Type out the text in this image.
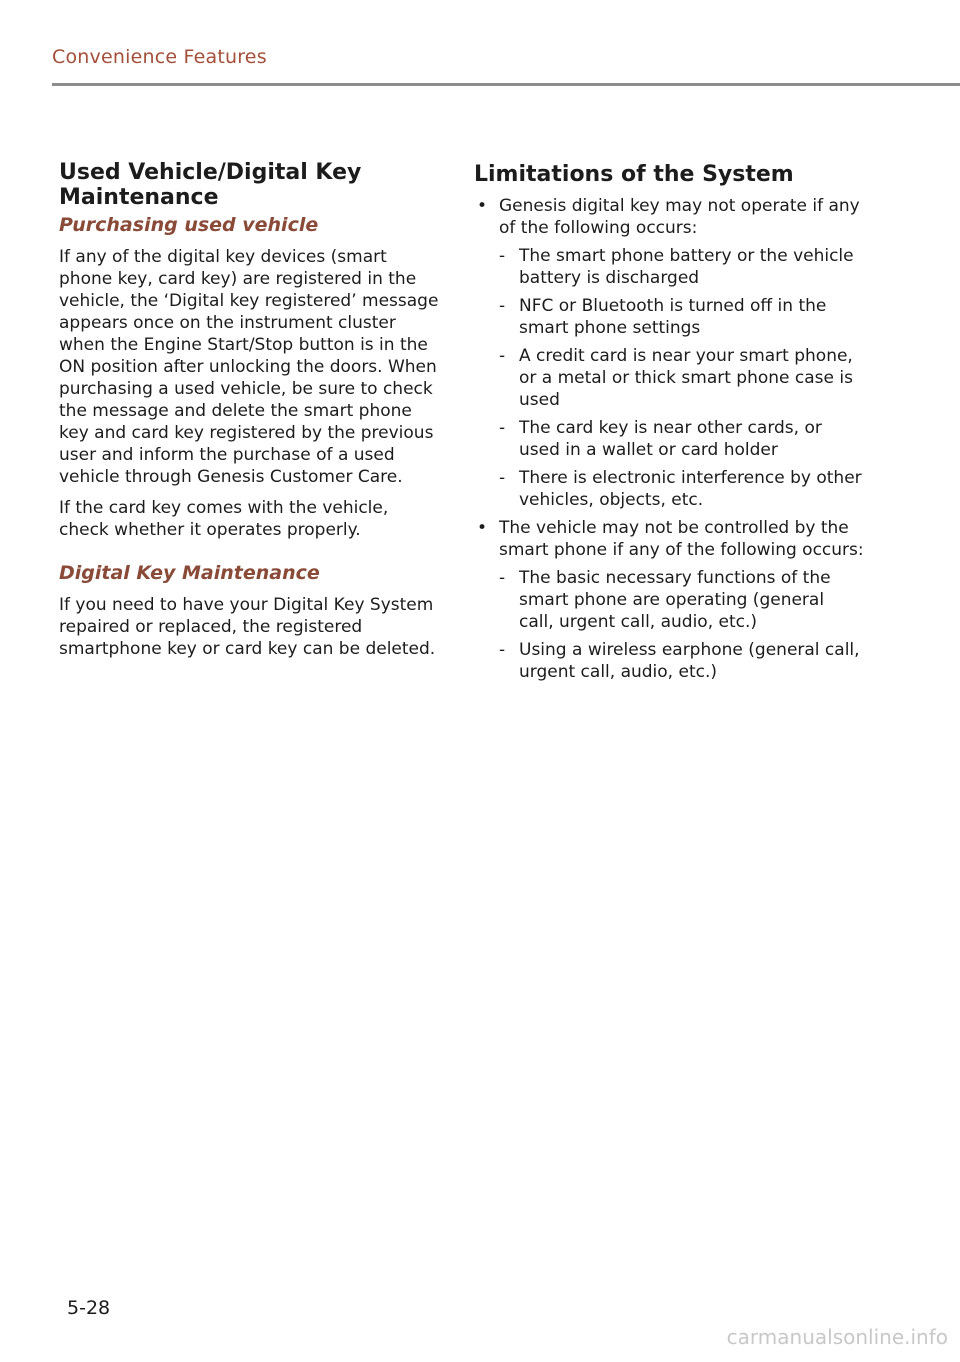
Convenience Features
Used Vehicle/Digital Key Maintenance
Purchasing used vehicle

If any of the digital key devices (smart phone key, card key) are registered in the vehicle, the ‘Digital key registered’ message appears once on the instrument cluster when the Engine Start/Stop button is in the ON position after unlocking the doors. When purchasing a used vehicle, be sure to check the message and delete the smart phone key and card key registered by the previous user and inform the purchase of a used vehicle through Genesis Customer Care.

If the card key comes with the vehicle, check whether it operates properly.

Digital Key Maintenance

If you need to have your Digital Key System repaired or replaced, the registered smartphone key or card key can be deleted.

Limitations of the System
• Genesis digital key may not operate if any of the following occurs:
- The smart phone battery or the vehicle battery is discharged
- NFC or Bluetooth is turned off in the smart phone settings
- A credit card is near your smart phone, or a metal or thick smart phone case is used
- The card key is near other cards, or used in a wallet or card holder
- There is electronic interference by other vehicles, objects, etc.
• The vehicle may not be controlled by the smart phone if any of the following occurs:
- The basic necessary functions of the smart phone are operating (general call, urgent call, audio, etc.)
- Using a wireless earphone (general call, urgent call, audio, etc.)
5-28
carmanualsonline.info
